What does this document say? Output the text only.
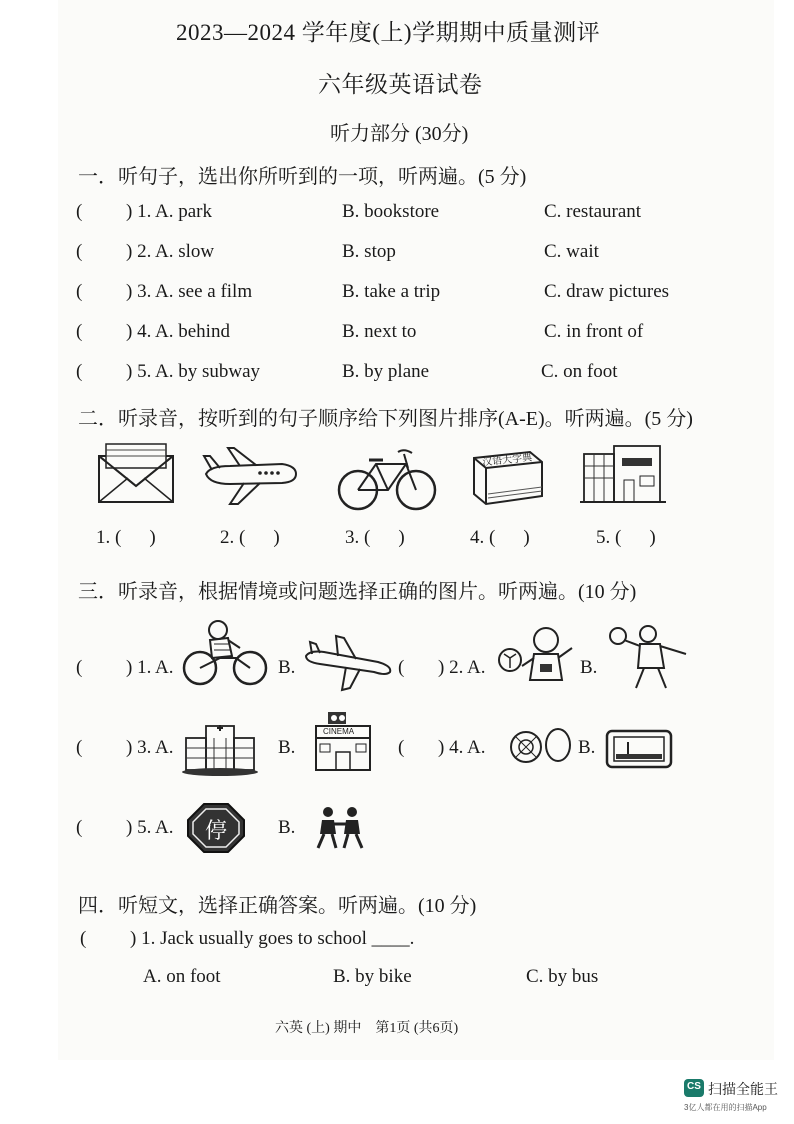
2023—2024 学年度(上)学期期中质量测评
六年级英语试卷
听力部分 (30分)
一．听句子，选出你所听到的一项，听两遍。(5 分)
( ) 1. A. park	B. bookstore	C. restaurant
( ) 2. A. slow	B. stop	C. wait
( ) 3. A. see a film	B. take a trip	C. draw pictures
( ) 4. A. behind	B. next to	C. in front of
( ) 5. A. by subway	B. by plane	C. on foot
二．听录音，按听到的句子顺序给下列图片排序(A-E)。听两遍。(5 分)
汉语大字典
1. ( )	2. ( )	3. ( )	4. ( )	5. ( )
三．听录音，根据情境或问题选择正确的图片。听两遍。(10 分)
( ) 1. A.	B.	( ) 2. A.	B.
( ) 3. A.	B.
CINEMA
( ) 4. A.	B.
( ) 5. A. 停	B.
四．听短文，选择正确答案。听两遍。(10 分)
( ) 1. Jack usually goes to school ____.
A. on foot	B. by bike	C. by bus
六英 (上) 期中　第1页 (共6页)
CS 扫描全能王
3亿人都在用的扫描App
